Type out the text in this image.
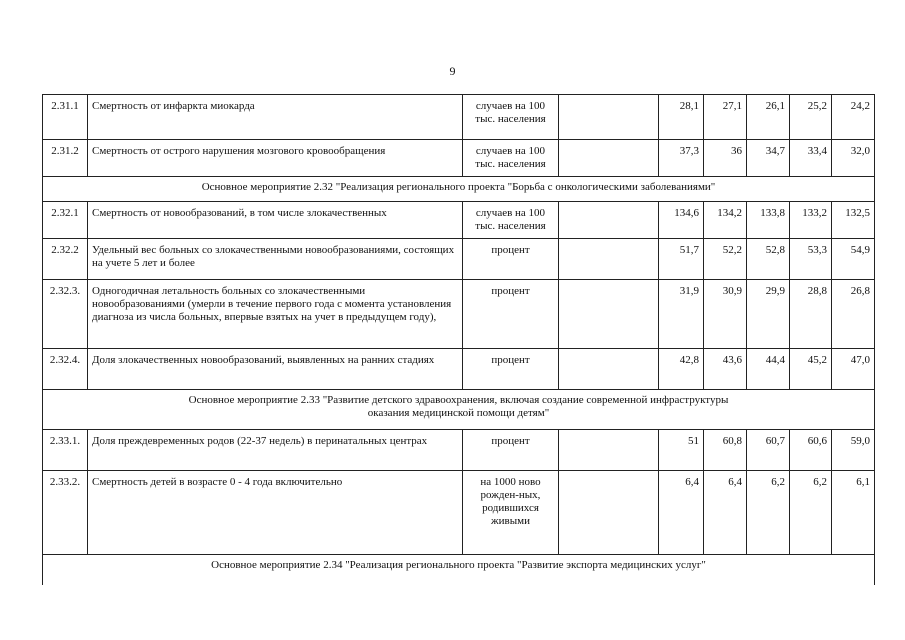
9
2.31.1	Смертность от инфаркта миокарда	случаев на 100 тыс. населения		28,1	27,1	26,1	25,2	24,2
2.31.2	Смертность от острого нарушения мозгового кровообращения	случаев на 100 тыс. населения		37,3	36	34,7	33,4	32,0
Основное мероприятие 2.32 "Реализация регионального проекта "Борьба с онкологическими заболеваниями"								
2.32.1	Смертность от новообразований, в том числе злокачественных	случаев на 100 тыс. населения		134,6	134,2	133,8	133,2	132,5
2.32.2	Удельный вес больных со злокачественными новообразованиями, состоящих на учете 5 лет и более	процент		51,7	52,2	52,8	53,3	54,9
2.32.3.	Одногодичная летальность больных со злокачественными новообразованиями (умерли в течение первого года с момента установления диагноза из числа больных, впервые взятых на учет в предыдущем году),	процент		31,9	30,9	29,9	28,8	26,8
2.32.4.	Доля злокачественных новообразований, выявленных на ранних стадиях	процент		42,8	43,6	44,4	45,2	47,0

Основное мероприятие 2.33 "Развитие детского здравоохранения, включая создание современной инфраструктуры оказания медицинской помощи детям"								

2.33.1.	Доля преждевременных родов (22-37 недель) в перинатальных центрах	процент		51	60,8	60,7	60,6	59,0
2.33.2.	Смертность детей в возрасте 0 - 4 года включительно	на 1000 новорожден-ных, родившихся живыми		6,4	6,4	6,2	6,2	6,1
Основное мероприятие 2.34 "Реализация регионального проекта "Развитие экспорта медицинских услуг"								
